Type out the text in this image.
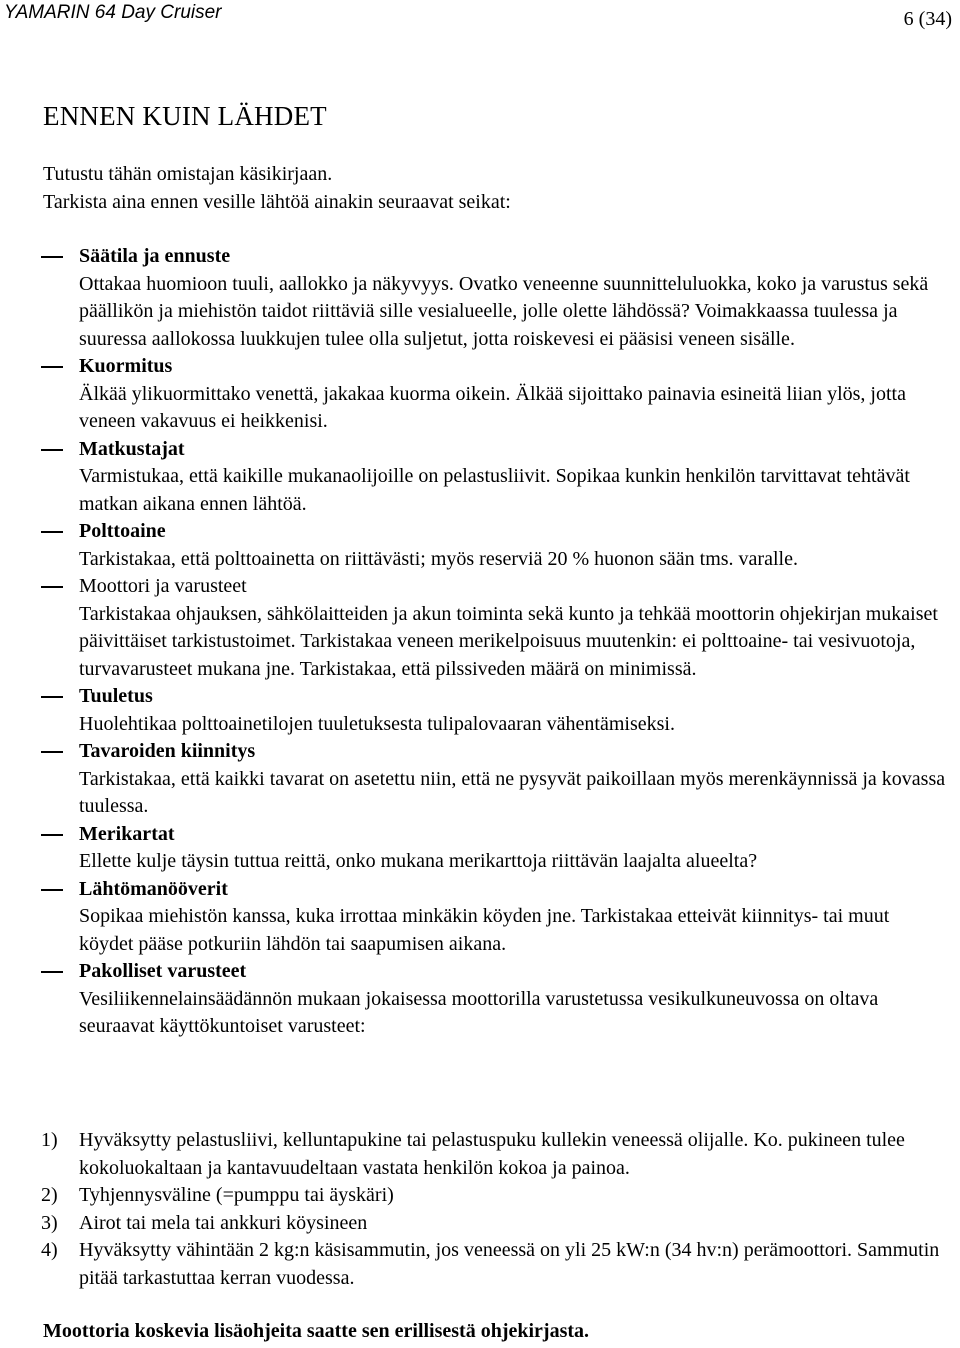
YAMARIN 64 Day Cruiser	6 (34)
ENNEN KUIN LÄHDET
Tutustu tähän omistajan käsikirjaan.
Tarkista aina ennen vesille lähtöä ainakin seuraavat seikat:
Säätila ja ennuste
Ottakaa huomioon tuuli, aallokko ja näkyvyys. Ovatko veneenne suunnitteluluokka, koko ja varustus sekä päällikön ja miehistön taidot riittäviä sille vesialueelle, jolle olette lähdössä? Voimakkaassa tuulessa ja suuressa aallokossa luukkujen tulee olla suljetut, jotta roiskevesi ei pääsisi veneen sisälle.
Kuormitus
Älkää ylikuormittako venettä, jakakaa kuorma oikein. Älkää sijoittako painavia esineitä liian ylös, jotta veneen vakavuus ei heikkenisi.
Matkustajat
Varmistukaa, että kaikille mukanaolijoille on pelastusliivit. Sopikaa kunkin henkilön tarvittavat tehtävät matkan aikana ennen lähtöä.
Polttoaine
Tarkistakaa, että polttoainetta on riittävästi; myös reserviä 20 % huonon sään tms. varalle.
Moottori ja varusteet
Tarkistakaa ohjauksen, sähkölaitteiden ja akun toiminta sekä kunto ja tehkää moottorin ohjekirjan mukaiset päivittäiset tarkistustoimet. Tarkistakaa veneen merikelpoisuus muutenkin: ei polttoaine- tai vesivuotoja, turvavarusteet mukana jne. Tarkistakaa, että pilssiveden määrä on minimissä.
Tuuletus
Huolehtikaa polttoainetilojen tuuletuksesta tulipalovaaran vähentämiseksi.
Tavaroiden kiinnitys
Tarkistakaa, että kaikki tavarat on asetettu niin, että ne pysyvät paikoillaan myös merenkäynnissä ja kovassa tuulessa.
Merikartat
Ellette kulje täysin tuttua reittä, onko mukana merikarttoja riittävän laajalta alueelta?
Lähtömanööverit
Sopikaa miehistön kanssa, kuka irrottaa minkäkin köyden jne. Tarkistakaa etteivät kiinnitys- tai muut köydet pääse potkuriin lähdön tai saapumisen aikana.
Pakolliset varusteet
Vesiliikennelainsäädännön mukaan jokaisessa moottorilla varustetussa vesikulkuneuvossa on oltava seuraavat käyttökuntoiset varusteet:
1) Hyväksytty pelastusliivi, kelluntapukine tai pelastuspuku kullekin veneessä olijalle. Ko. pukineen tulee kokoluokaltaan ja kantavuudeltaan vastata henkilön kokoa ja painoa.
2) Tyhjennysväline (=pumppu tai äyskäri)
3) Airot tai mela tai ankkuri köysineen
4) Hyväksytty vähintään 2 kg:n käsisammutin, jos veneessä on yli 25 kW:n (34 hv:n) perämoottori. Sammutin pitää tarkastuttaa kerran vuodessa.
Moottoria koskevia lisäohjeita saatte sen erillisestä ohjekirjasta.
